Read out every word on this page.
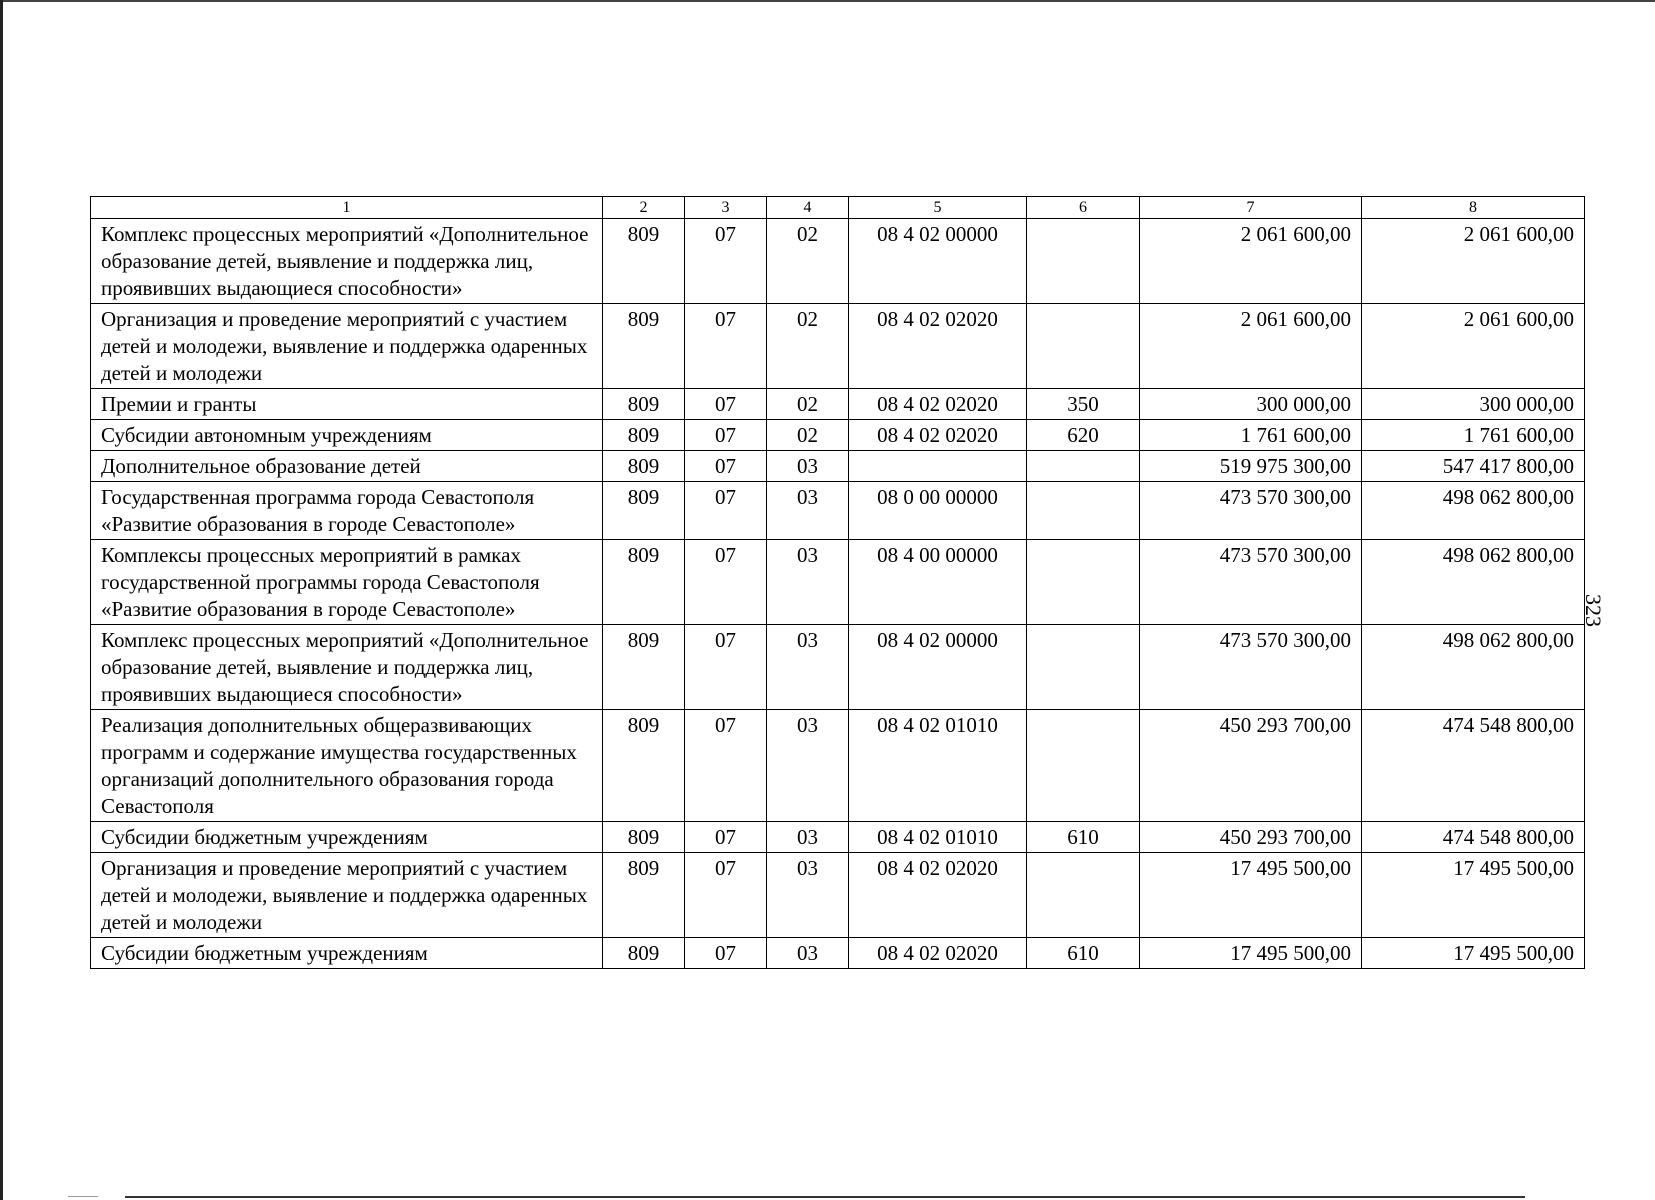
1	2	3	4	5	6	7	8
Комплекс процессных мероприятий «Дополнительное образование детей, выявление и поддержка лиц, проявивших выдающиеся способности»	809	07	02	08 4 02 00000		2 061 600,00	2 061 600,00
Организация и проведение мероприятий с участием детей и молодежи, выявление и поддержка одаренных детей и молодежи	809	07	02	08 4 02 02020		2 061 600,00	2 061 600,00
Премии и гранты	809	07	02	08 4 02 02020	350	300 000,00	300 000,00
Субсидии автономным учреждениям	809	07	02	08 4 02 02020	620	1 761 600,00	1 761 600,00
Дополнительное образование детей	809	07	03			519 975 300,00	547 417 800,00
Государственная программа города Севастополя «Развитие образования в городе Севастополе»	809	07	03	08 0 00 00000		473 570 300,00	498 062 800,00
Комплексы процессных мероприятий в рамках государственной программы города Севастополя «Развитие образования в городе Севастополе»	809	07	03	08 4 00 00000		473 570 300,00	498 062 800,00
Комплекс процессных мероприятий «Дополнительное образование детей, выявление и поддержка лиц, проявивших выдающиеся способности»	809	07	03	08 4 02 00000		473 570 300,00	498 062 800,00
Реализация дополнительных общеразвивающих программ и содержание имущества государственных организаций дополнительного образования города Севастополя	809	07	03	08 4 02 01010		450 293 700,00	474 548 800,00
Субсидии бюджетным учреждениям	809	07	03	08 4 02 01010	610	450 293 700,00	474 548 800,00
Организация и проведение мероприятий с участием детей и молодежи, выявление и поддержка одаренных детей и молодежи	809	07	03	08 4 02 02020		17 495 500,00	17 495 500,00
Субсидии бюджетным учреждениям	809	07	03	08 4 02 02020	610	17 495 500,00	17 495 500,00
323
